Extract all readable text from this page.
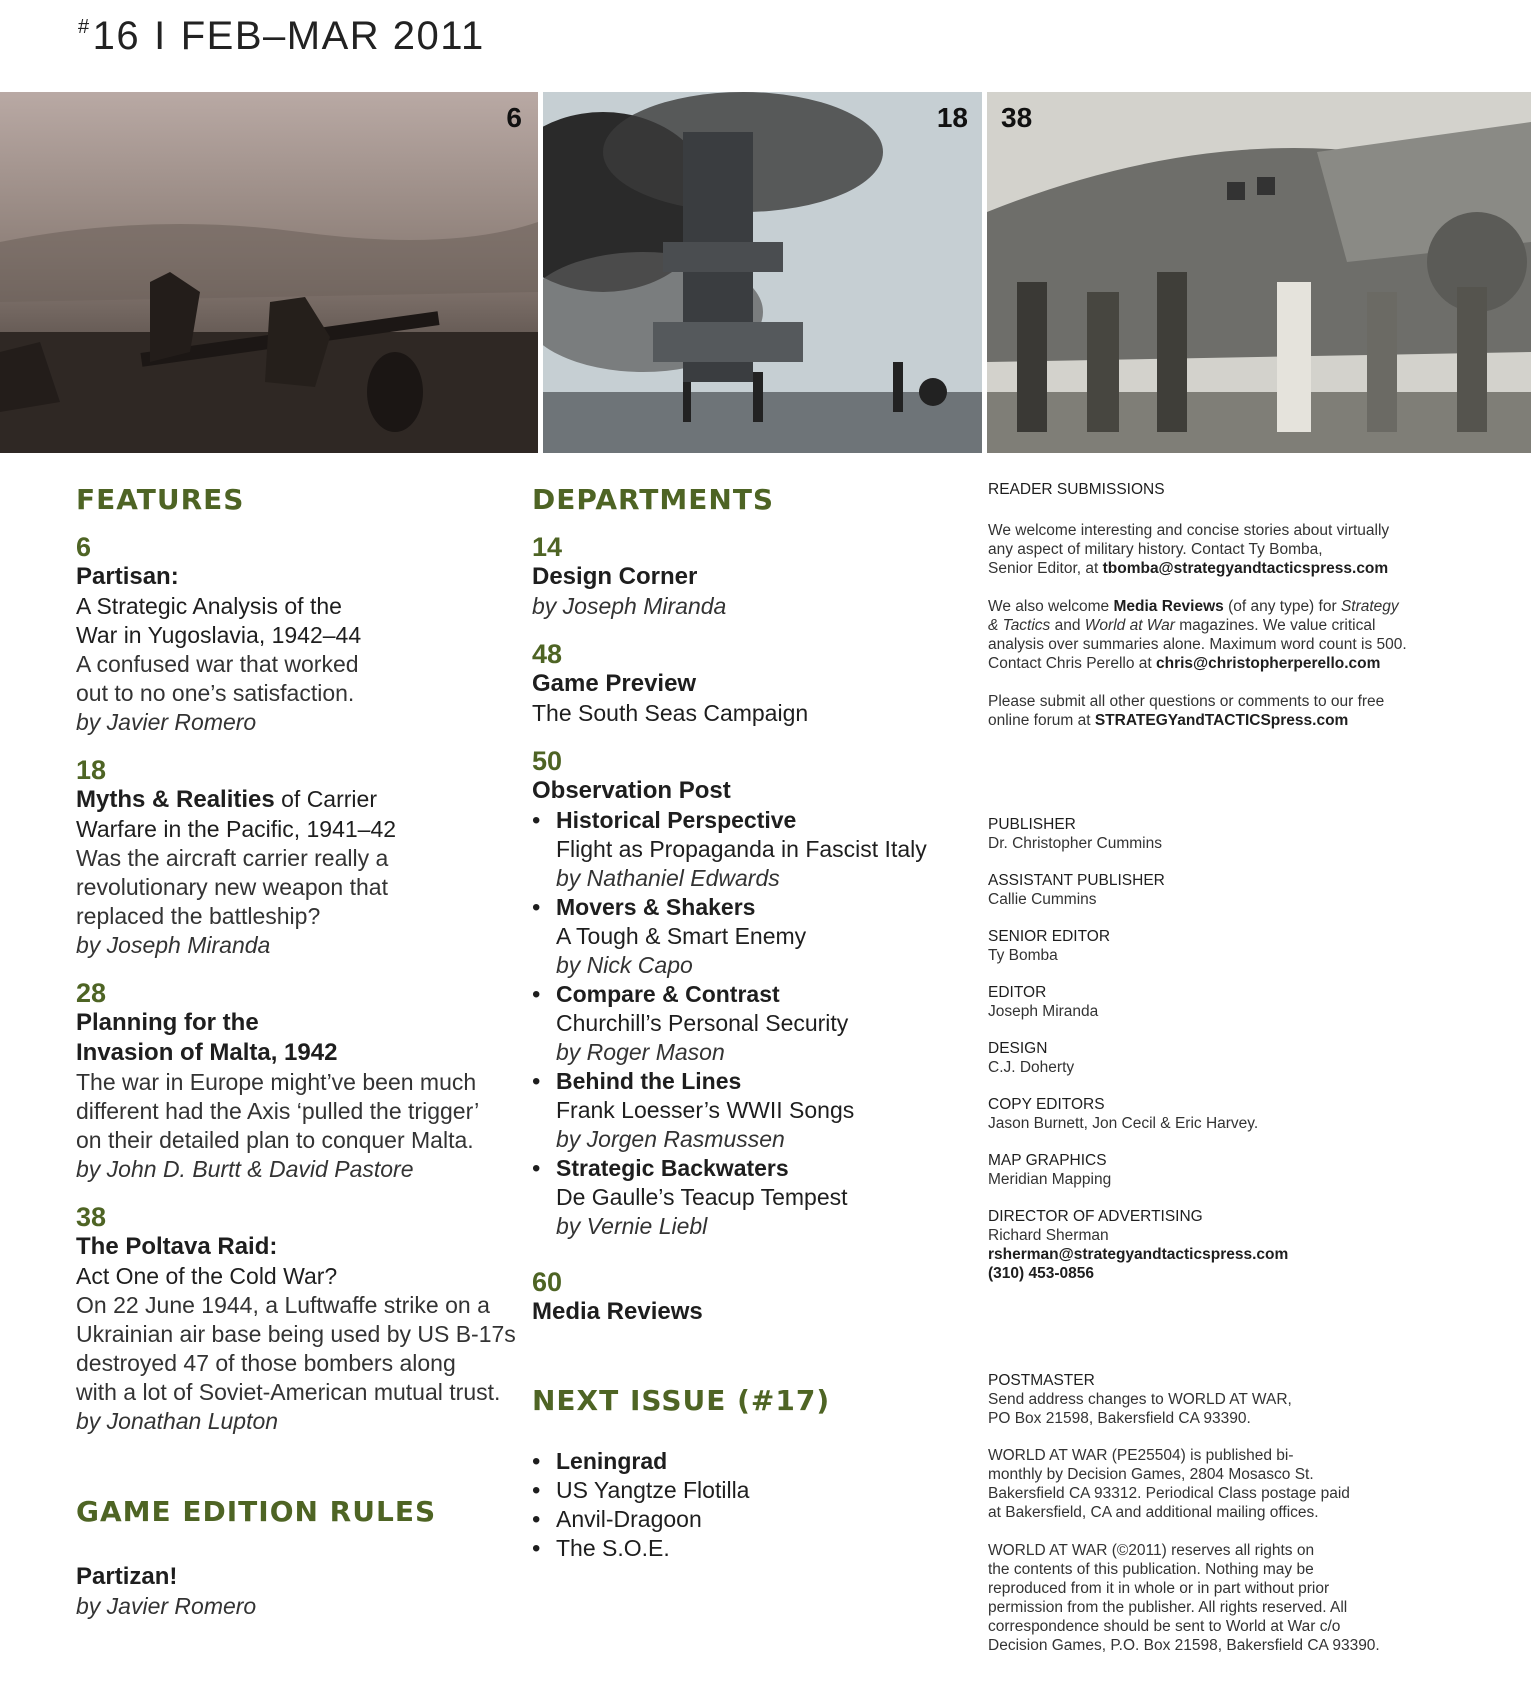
#16 I FEB–MAR 2011
6	18 38
FEATURES
6
Partisan:
A Strategic Analysis of the
War in Yugoslavia, 1942–44
A confused war that worked
out to no one’s satisfaction.
by Javier Romero
18
Myths & Realities of Carrier
Warfare in the Pacific, 1941–42
Was the aircraft carrier really a
revolutionary new weapon that
replaced the battleship?
by Joseph Miranda
28
Planning for the
Invasion of Malta, 1942
The war in Europe might’ve been much
different had the Axis ‘pulled the trigger’
on their detailed plan to conquer Malta.
by John D. Burtt & David Pastore
38
The Poltava Raid:
Act One of the Cold War?
On 22 June 1944, a Luftwaffe strike on a
Ukrainian air base being used by US B-17s
destroyed 47 of those bombers along
with a lot of Soviet-American mutual trust.
by Jonathan Lupton
GAME EDITION RULES
Partizan!
by Javier Romero
DEPARTMENTS
14
Design Corner
by Joseph Miranda
48
Game Preview
The South Seas Campaign
50
Observation Post
• Historical Perspective
Flight as Propaganda in Fascist Italy
by Nathaniel Edwards
• Movers & Shakers
A Tough & Smart Enemy
by Nick Capo
• Compare & Contrast
Churchill’s Personal Security
by Roger Mason
• Behind the Lines
Frank Loesser’s WWII Songs
by Jorgen Rasmussen
• Strategic Backwaters
De Gaulle’s Teacup Tempest
by Vernie Liebl
60
Media Reviews
NEXT ISSUE (#17)
• Leningrad
• US Yangtze Flotilla
• Anvil-Dragoon
• The S.O.E.
READER SUBMISSIONS

We welcome interesting and concise stories about virtually
any aspect of military history. Contact Ty Bomba,
Senior Editor, at tbomba@strategyandtacticspress.com

We also welcome Media Reviews (of any type) for Strategy
& Tactics and World at War magazines. We value critical
analysis over summaries alone. Maximum word count is 500.
Contact Chris Perello at chris@christopherperello.com

Please submit all other questions or comments to our free
online forum at STRATEGYandTACTICSpress.com

PUBLISHER
Dr. Christopher Cummins
ASSISTANT PUBLISHER
Callie Cummins
SENIOR EDITOR
Ty Bomba
EDITOR
Joseph Miranda
DESIGN
C.J. Doherty
COPY EDITORS
Jason Burnett, Jon Cecil & Eric Harvey.
MAP GRAPHICS
Meridian Mapping
DIRECTOR OF ADVERTISING
Richard Sherman
rsherman@strategyandtacticspress.com
(310) 453-0856
POSTMASTER
Send address changes to WORLD AT WAR,
PO Box 21598, Bakersfield CA 93390.

WORLD AT WAR (PE25504) is published bi-
monthly by Decision Games, 2804 Mosasco St.
Bakersfield CA 93312. Periodical Class postage paid
at Bakersfield, CA and additional mailing offices.

WORLD AT WAR (©2011) reserves all rights on
the contents of this publication. Nothing may be
reproduced from it in whole or in part without prior
permission from the publisher. All rights reserved. All
correspondence should be sent to World at War c/o
Decision Games, P.O. Box 21598, Bakersfield CA 93390.
